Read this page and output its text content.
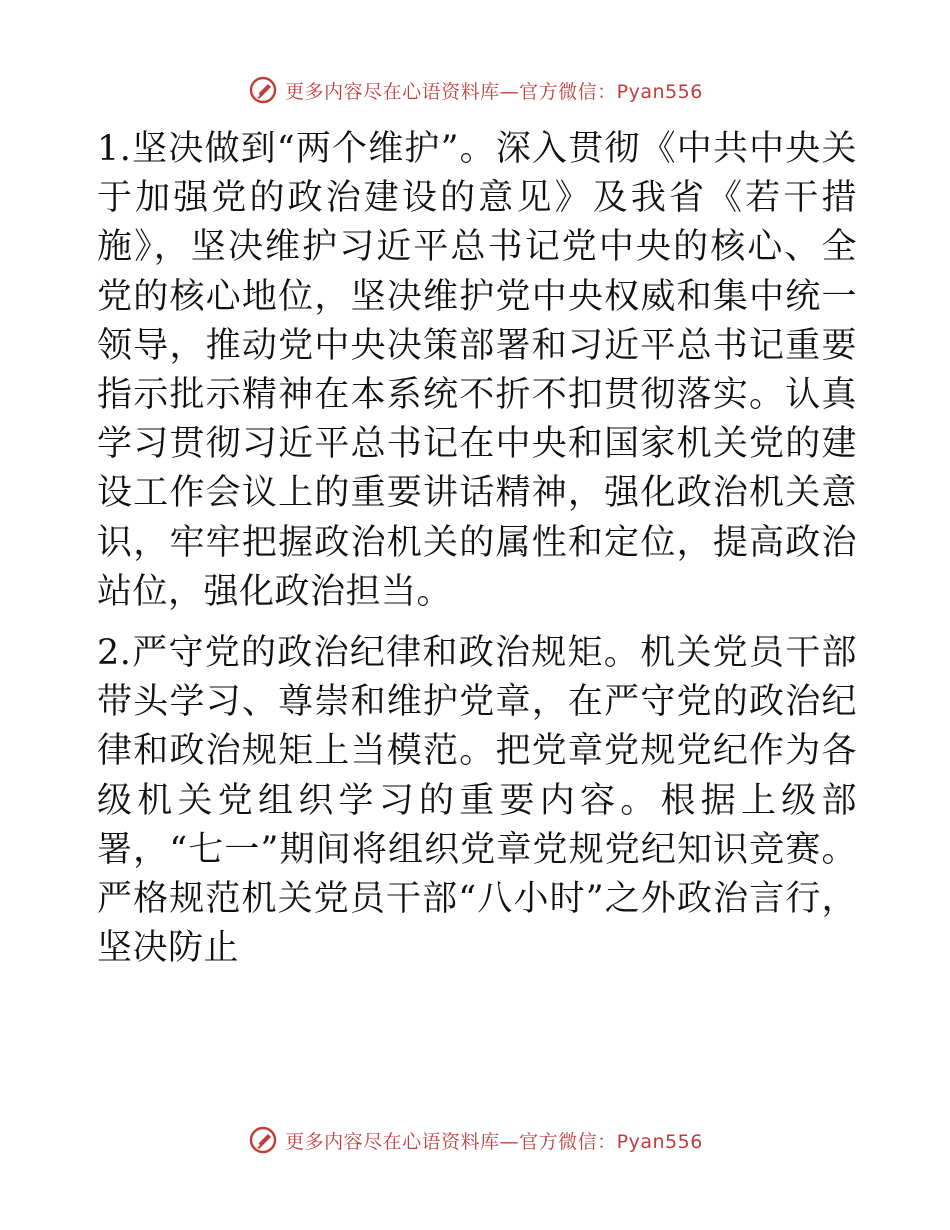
更多内容尽在心语资料库—官方微信：Pyan556

1.坚决做到“两个维护”。深入贯彻《中共中央关于加强党的政治建设的意见》及我省《若干措施》，坚决维护习近平总书记党中央的核心、全党的核心地位，坚决维护党中央权威和集中统一领导，推动党中央决策部署和习近平总书记重要指示批示精神在本系统不折不扣贯彻落实。认真学习贯彻习近平总书记在中央和国家机关党的建设工作会议上的重要讲话精神，强化政治机关意识，牢牢把握政治机关的属性和定位，提高政治站位，强化政治担当。

2.严守党的政治纪律和政治规矩。机关党员干部带头学习、尊崇和维护党章，在严守党的政治纪律和政治规矩上当模范。把党章党规党纪作为各级机关党组织学习的重要内容。根据上级部署，“七一”期间将组织党章党规党纪知识竞赛。严格规范机关党员干部“八小时”之外政治言行，坚决防止

更多内容尽在心语资料库—官方微信：Pyan556
